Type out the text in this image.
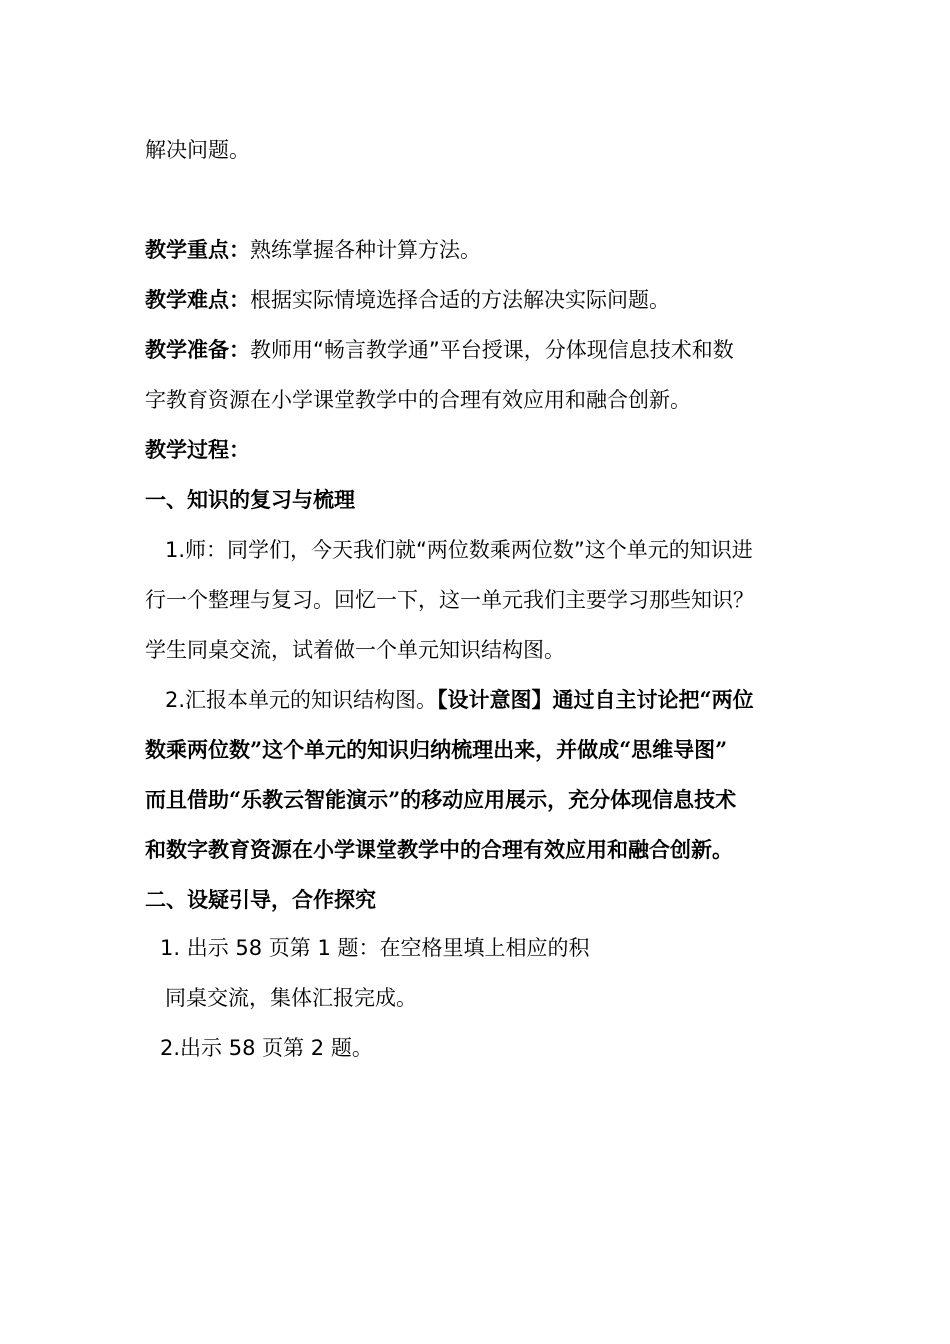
解决问题。
教学重点：熟练掌握各种计算方法。
教学难点：根据实际情境选择合适的方法解决实际问题。
教学准备：教师用“畅言教学通”平台授课，分体现信息技术和数
字教育资源在小学课堂教学中的合理有效应用和融合创新。
教学过程：
一、知识的复习与梳理
1.师：同学们，今天我们就“两位数乘两位数”这个单元的知识进
行一个整理与复习。回忆一下，这一单元我们主要学习那些知识？
学生同桌交流，试着做一个单元知识结构图。
2.汇报本单元的知识结构图。【设计意图】通过自主讨论把“两位
数乘两位数”这个单元的知识归纳梳理出来，并做成“思维导图”
而且借助“乐教云智能演示”的移动应用展示，充分体现信息技术
和数字教育资源在小学课堂教学中的合理有效应用和融合创新。
二、设疑引导，合作探究
1. 出示 58 页第 1 题：在空格里填上相应的积
同桌交流，集体汇报完成。
2.出示 58 页第 2 题。
